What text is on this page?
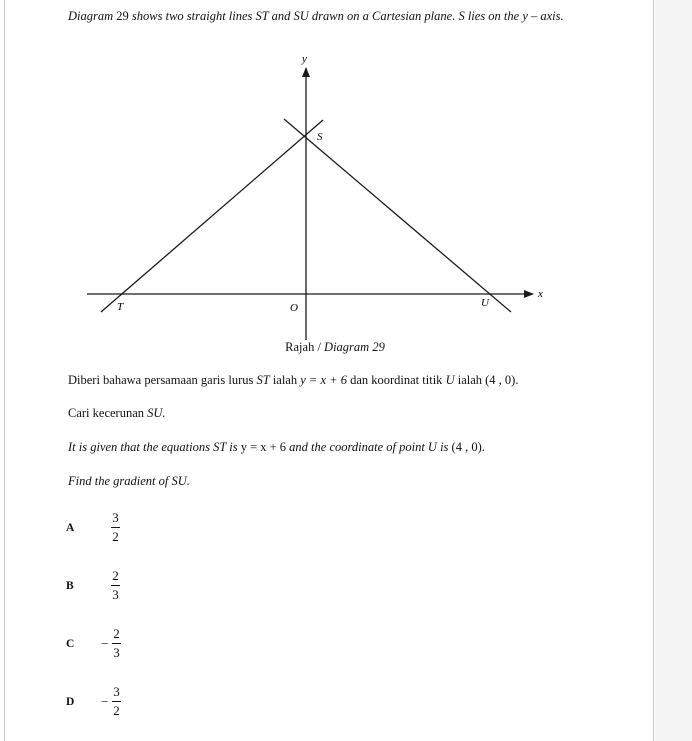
Diagram 29 shows two straight lines ST and SU drawn on a Cartesian plane. S lies on the y – axis.
y
x
S
T	O	U
Rajah / Diagram 29
Diberi bahawa persamaan garis lurus ST ialah y = x + 6 dan koordinat titik U ialah (4 , 0).
Cari kecerunan SU.
It is given that the equations ST is y = x + 6 and the coordinate of point U is (4 , 0).
Find the gradient of SU.
A
3
2
B
2
3
C −
2
3
D −
3
2
